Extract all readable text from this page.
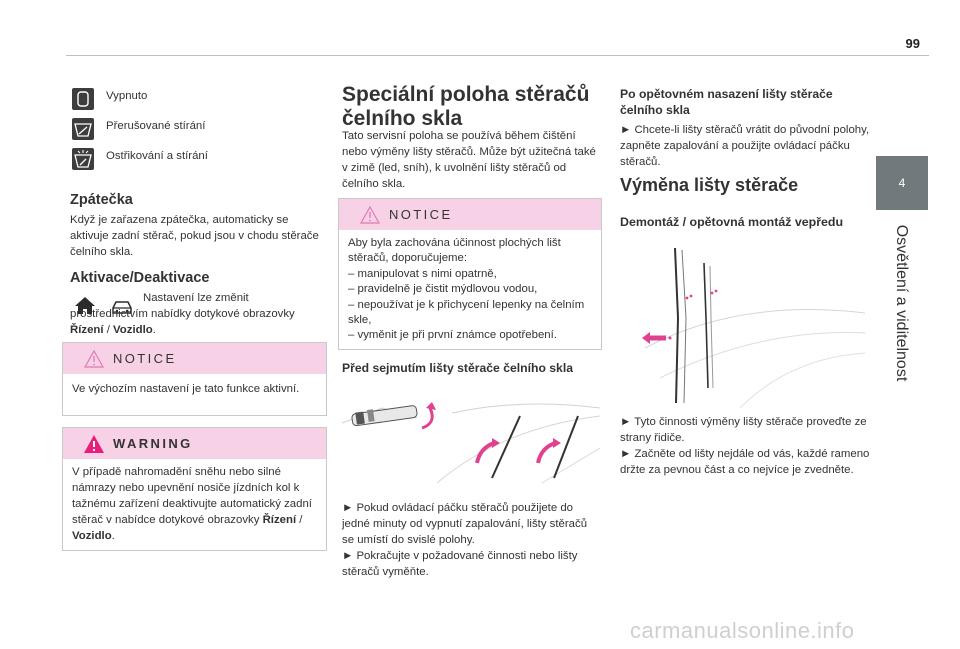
99
4
Osvětlení a viditelnost
Vypnuto
Přerušované stírání
Ostřikování a stírání
Zpátečka
Když je zařazena zpátečka, automaticky se aktivuje zadní stěrač, pokud jsou v chodu stěrače čelního skla.
Aktivace/Deaktivace
Nastavení lze změnit prostřednictvím nabídky dotykové obrazovky Řízení / Vozidlo.
NOTICE
Ve výchozím nastavení je tato funkce aktivní.
WARNING
V případě nahromadění sněhu nebo silné námrazy nebo upevnění nosiče jízdních kol k tažnému zařízení deaktivujte automatický zadní stěrač v nabídce dotykové obrazovky Řízení / Vozidlo.
Speciální poloha stěračů čelního skla
Tato servisní poloha se používá během čištění nebo výměny lišty stěračů. Může být užitečná také v zimě (led, sníh), k uvolnění lišty stěračů od čelního skla.
NOTICE
Aby byla zachována účinnost plochých lišt stěračů, doporučujeme:
– manipulovat s nimi opatrně,
– pravidelně je čistit mýdlovou vodou,
– nepoužívat je k přichycení lepenky na čelním skle,
– vyměnit je při první známce opotřebení.
Před sejmutím lišty stěrače čelního skla
► Pokud ovládací páčku stěračů použijete do jedné minuty od vypnutí zapalování, lišty stěračů se umístí do svislé polohy.
► Pokračujte v požadované činnosti nebo lišty stěračů vyměňte.
Po opětovném nasazení lišty stěrače čelního skla
► Chcete-li lišty stěračů vrátit do původní polohy, zapněte zapalování a použijte ovládací páčku stěračů.
Výměna lišty stěrače
Demontáž / opětovná montáž vepředu
► Tyto činnosti výměny lišty stěrače proveďte ze strany řidiče.
► Začněte od lišty nejdále od vás, každé rameno držte za pevnou část a co nejvíce je zvedněte.
carmanualsonline.info
